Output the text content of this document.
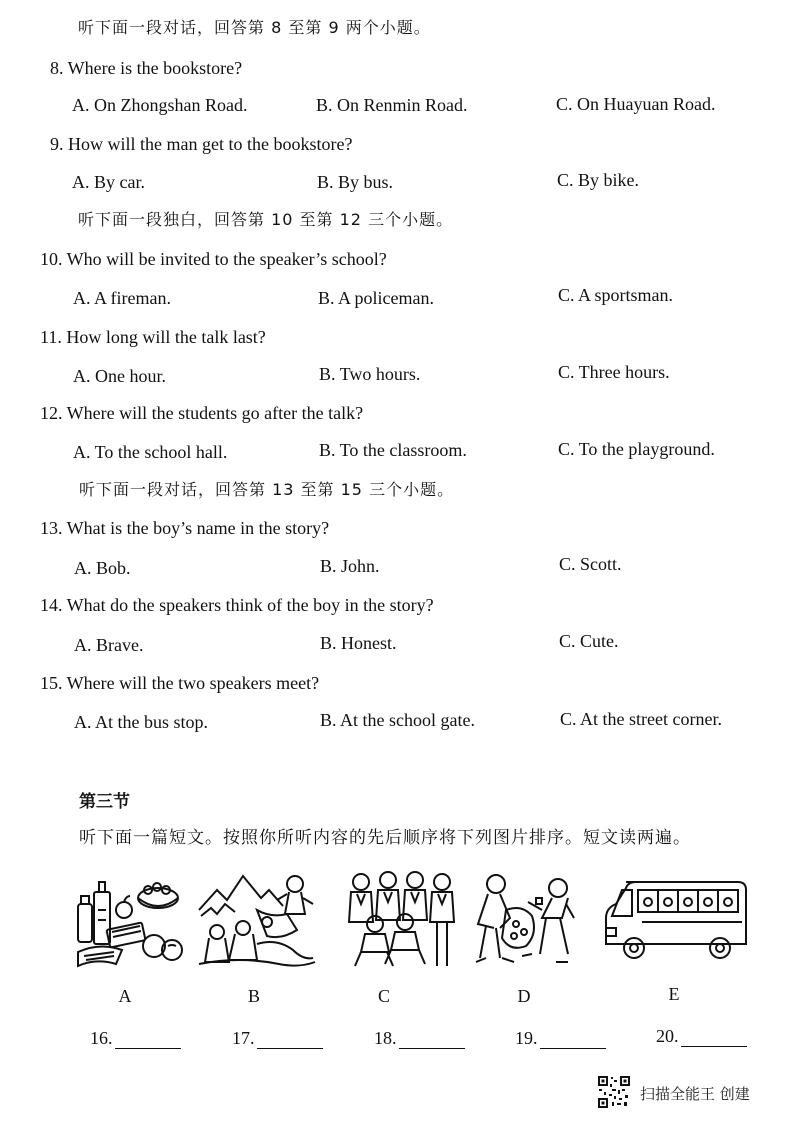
听下面一段对话，回答第 8 至第 9 两个小题。
8. Where is the bookstore?
A. On Zhongshan Road.	B. On Renmin Road.	C. On Huayuan Road.
9. How will the man get to the bookstore?
A. By car.	B. By bus.	C. By bike.
听下面一段独白，回答第 10 至第 12 三个小题。
10. Who will be invited to the speaker’s school?
A. A fireman.	B. A policeman.	C. A sportsman.
11. How long will the talk last?
A. One hour.	B. Two hours.	C. Three hours.
12. Where will the students go after the talk?
A. To the school hall.	B. To the classroom.	C. To the playground.
听下面一段对话，回答第 13 至第 15 三个小题。
13. What is the boy’s name in the story?
A. Bob.	B. John.	C. Scott.
14. What do the speakers think of the boy in the story?
A. Brave.	B. Honest.	C. Cute.
15. Where will the two speakers meet?
A. At the bus stop.	B. At the school gate.	C. At the street corner.
第三节
听下面一篇短文。按照你所听内容的先后顺序将下列图片排序。短文读两遍。
A	B	C	D	E
16.	17.	18.	19.	20.
扫描全能王 创建
